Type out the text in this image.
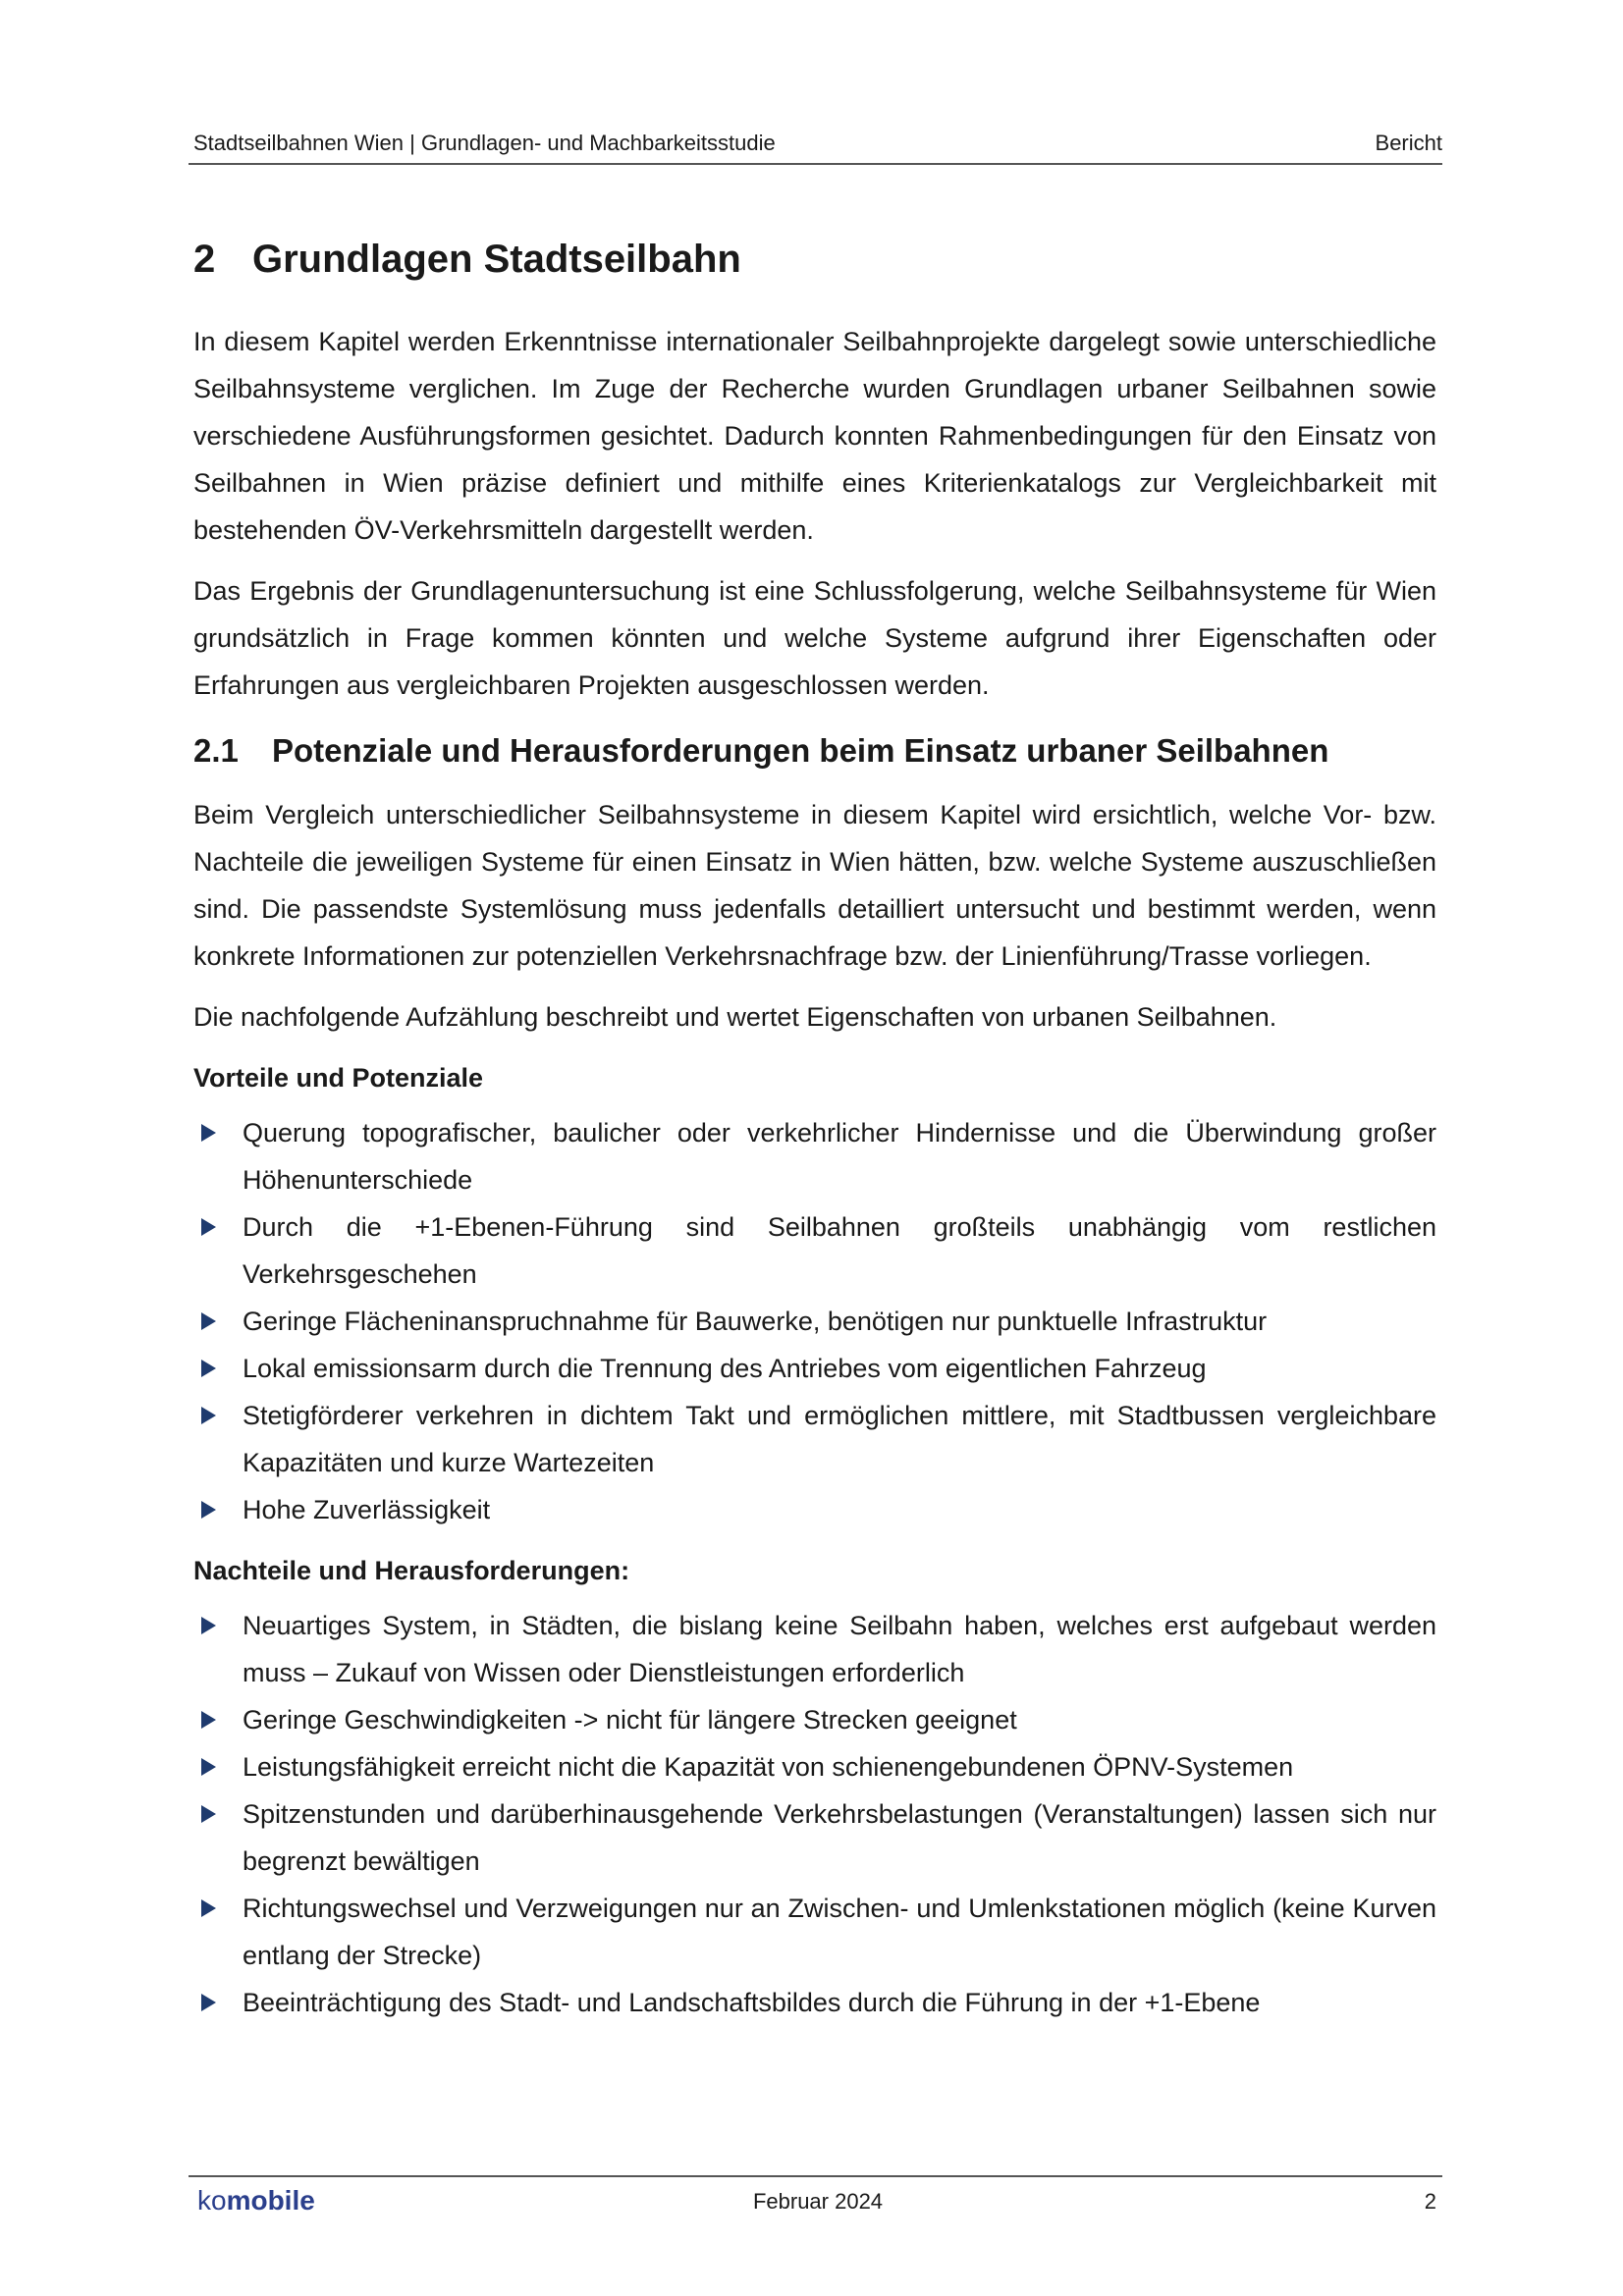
Stadtseilbahnen Wien | Grundlagen- und Machbarkeitsstudie	Bericht
2 Grundlagen Stadtseilbahn

In diesem Kapitel werden Erkenntnisse internationaler Seilbahnprojekte dargelegt sowie unterschiedliche Seilbahnsysteme verglichen. Im Zuge der Recherche wurden Grundlagen urbaner Seilbahnen sowie verschiedene Ausführungsformen gesichtet. Dadurch konnten Rahmenbedingungen für den Einsatz von Seilbahnen in Wien präzise definiert und mithilfe eines Kriterienkatalogs zur Vergleichbarkeit mit bestehenden ÖV-Verkehrsmitteln dargestellt werden.

Das Ergebnis der Grundlagenuntersuchung ist eine Schlussfolgerung, welche Seilbahnsysteme für Wien grundsätzlich in Frage kommen könnten und welche Systeme aufgrund ihrer Eigenschaften oder Erfahrungen aus vergleichbaren Projekten ausgeschlossen werden.

2.1	Potenziale und Herausforderungen beim Einsatz urbaner Seilbahnen

Beim Vergleich unterschiedlicher Seilbahnsysteme in diesem Kapitel wird ersichtlich, welche Vor- bzw. Nachteile die jeweiligen Systeme für einen Einsatz in Wien hätten, bzw. welche Systeme auszuschließen sind. Die passendste Systemlösung muss jedenfalls detailliert untersucht und bestimmt werden, wenn konkrete Informationen zur potenziellen Verkehrsnachfrage bzw. der Linienführung/Trasse vorliegen.

Die nachfolgende Aufzählung beschreibt und wertet Eigenschaften von urbanen Seilbahnen.

Vorteile und Potenziale
Querung topografischer, baulicher oder verkehrlicher Hindernisse und die Überwindung großer Höhenunterschiede
Durch die +1-Ebenen-Führung sind Seilbahnen großteils unabhängig vom restlichen Verkehrsgeschehen
Geringe Flächeninanspruchnahme für Bauwerke, benötigen nur punktuelle Infrastruktur
Lokal emissionsarm durch die Trennung des Antriebes vom eigentlichen Fahrzeug
Stetigförderer verkehren in dichtem Takt und ermöglichen mittlere, mit Stadtbussen vergleichbare Kapazitäten und kurze Wartezeiten
Hohe Zuverlässigkeit
Nachteile und Herausforderungen:
Neuartiges System, in Städten, die bislang keine Seilbahn haben, welches erst aufgebaut werden muss – Zukauf von Wissen oder Dienstleistungen erforderlich
Geringe Geschwindigkeiten -> nicht für längere Strecken geeignet
Leistungsfähigkeit erreicht nicht die Kapazität von schienengebundenen ÖPNV-Systemen
Spitzenstunden und darüberhinausgehende Verkehrsbelastungen (Veranstaltungen) lassen sich nur begrenzt bewältigen
Richtungswechsel und Verzweigungen nur an Zwischen- und Umlenkstationen möglich (keine Kurven entlang der Strecke)
Beeinträchtigung des Stadt- und Landschaftsbildes durch die Führung in der +1-Ebene
komobile	Februar 2024	2
